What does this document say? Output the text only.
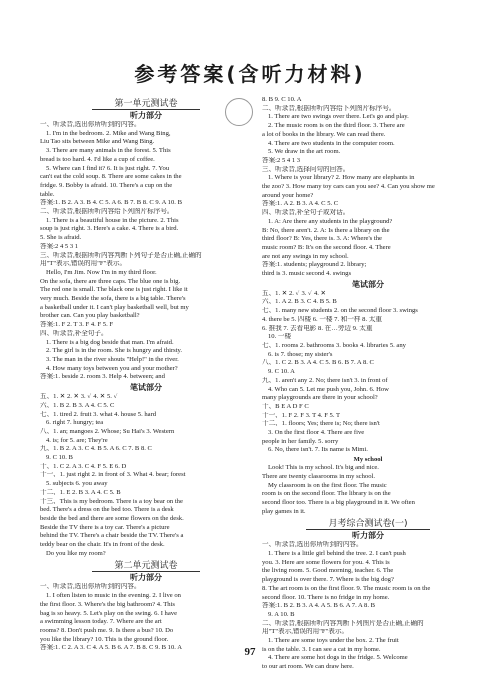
参考答案(含听力材料)
第一单元测试卷
听力部分
一、听录音,选出你所听到的内容。
1. I'm in the bedroom. 2. Mike and Wang Bing,
Liu Tao sits between Mike and Wang Bing.
3. There are many animals in the forest. 5. This
bread is too hard. 4. I'd like a cup of coffee.
5. Where can I find it? 6. It is just right. 7. You
can't eat the cold soup. 8. There are some cakes in the
fridge. 9. Bobby is afraid. 10. There's a cup on the
table.
答案:1. B 2. A 3. B 4. C 5. A 6. B 7. B 8. C 9. A 10. B
二、听录音,根据所听内容给下列图片标序号。
1. There is a beautiful house in the picture. 2. This
soup is just right. 3. Here's a cake. 4. There is a bird.
5. She is afraid.
答案:2 4 5 3 1
三、听录音,根据所听内容判断下列句子是否正确,正确的
用"T"表示,错误的用"F"表示。
Hello, I'm Jim. Now I'm in my third floor.
On the sofa, there are three caps. The blue one is big.
The red one is small. The black one is just right. I like it
very much. Beside the sofa, there is a big table. There's
a basketball under it. I can't play basketball well, but my
brother can. Can you play basketball?
答案:1. F 2. T 3. F 4. F 5. F
四、听录音,补全句子。
1. There is a big dog beside that man. I'm afraid.
2. The girl is in the room. She is hungry and thirsty.
3. The man in the river shouts "Help!" in the river.
4. How many toys between you and your mother?
答案:1. beside 2. room 3. Help 4. between; and
笔试部分
五、1. ✕ 2. ✕ 3. ✓ 4. ✕ 5. ✓
六、1. B 2. B 3. A 4. C 5. C
七、1. tired 2. fruit 3. what 4. house 5. hard
6. right 7. hungry; tea
八、1. an; mangoes 2. Whose; Su Hai's 3. Western
4. is; for 5. are; They're
九、1. B 2. A 3. C 4. B 5. A 6. C 7. B 8. C
9. C 10. B
十、1. C 2. A 3. C 4. F 5. E 6. D
十一、1. just right 2. in front of 3. What 4. bear; forest
5. subjects 6. you away
十二、1. E 2. B 3. A 4. C 5. B
十三、This is my bedroom. There is a toy bear on the
bed. There's a dress on the bed too. There is a desk
beside the bed and there are some flowers on the desk.
Beside the TV there is a toy car. There's a picture
behind the TV. There's a chair beside the TV. There's a
teddy bear on the chair. It's in front of the desk.
Do you like my room?
第二单元测试卷
听力部分
一、听录音,选出你所听到的内容。
1. I often listen to music in the evening. 2. I live on
the first floor. 3. Where's the big bathroom? 4. This
bag is so heavy. 5. Let's play on the swing. 6. I have
a swimming lesson today. 7. Where are the art
rooms? 8. Don't push me. 9. Is there a bus? 10. Do
you like the library? 10. This is the ground floor.
答案:1. C 2. A 3. C 4. A 5. B 6. A 7. B 8. C 9. B 10. A
8. B 9. C 10. A
二、听录音,根据所听内容给下列图片标序号。
1. There are two swings over there. Let's go and play.
2. The music room is on the third floor. 3. There are
a lot of books in the library. We can read there.
4. There are two students in the computer room.
5. We draw in the art room.
答案:2 5 4 1 3
三、听录音,选择问句的回答。
1. Where is your library? 2. How many are elephants in
the zoo? 3. How many toy cars can you see? 4. Can you show me
around your home?
答案:1. A 2. B 3. A 4. C 5. C
四、听录音,补全句子或对话。
1. A: Are there any students in the playground?
B: No, there aren't. 2. A: Is there a library on the
third floor? B: Yes, there is. 3. A: Where's the
music room? B: It's on the second floor. 4. There
are not any swings in my school.
答案:1. students; playground 2. library;
third is 3. music second 4. swings
笔试部分
五、1. ✕ 2. ✓ 3. ✓ 4. ✕
六、1. A 2. B 3. C 4. B 5. B
七、1. many new students 2. on the second floor 3. swings
4. there be 5. 四楼 6. 一楼 7. 和一样 8. 太重
6. 推我 7. 去看电影 8. 在…旁边 9. 太重
10. 一楼
七、1. rooms 2. bathrooms 3. books 4. libraries 5. any
6. is 7. those; my sister's
八、1. C 2. B 3. A 4. C 5. B 6. B 7. A 8. C
9. C 10. A
九、1. aren't any 2. No; there isn't 3. in front of
4. Who can 5. Let me push you, John. 6. How
many playgrounds are there in your school?
十、B E A D F C
十一、1. F 2. F 3. T 4. F 5. T
十二、1. floors; Yes; there is; No; there isn't
3. On the first floor 4. There are five
people in her family. 5. sorry
6. No, there isn't. 7. Its name is Mimi.
My school
Look! This is my school. It's big and nice.
There are twenty classrooms in my school.
My classroom is on the first floor. The music
room is on the second floor. The library is on the
second floor too. There is a big playground in it. We often
play games in it.
月考综合测试卷(一)
听力部分
一、听录音,选出你所听到的内容。
1. There is a little girl behind the tree. 2. I can't push
you. 3. Here are some flowers for you. 4. This is
the living room. 5. Good morning, teacher. 6. The
playground is over there. 7. Where is the big dog?
8. The art room is on the first floor. 9. The music room is on the
second floor. 10. There is no fridge in my home.
答案:1. B 2. B 3. A 4. A 5. B 6. A 7. A 8. B
9. A 10. B
二、听录音,根据所听内容判断下列图片是否正确,正确的
用"T"表示,错误的用"F"表示。
1. There are some toys under the box. 2. The fruit
is on the table. 3. I can see a cat in my home.
4. There are some hot dogs in the fridge. 5. Welcome
to our art room. We can draw here.
97
